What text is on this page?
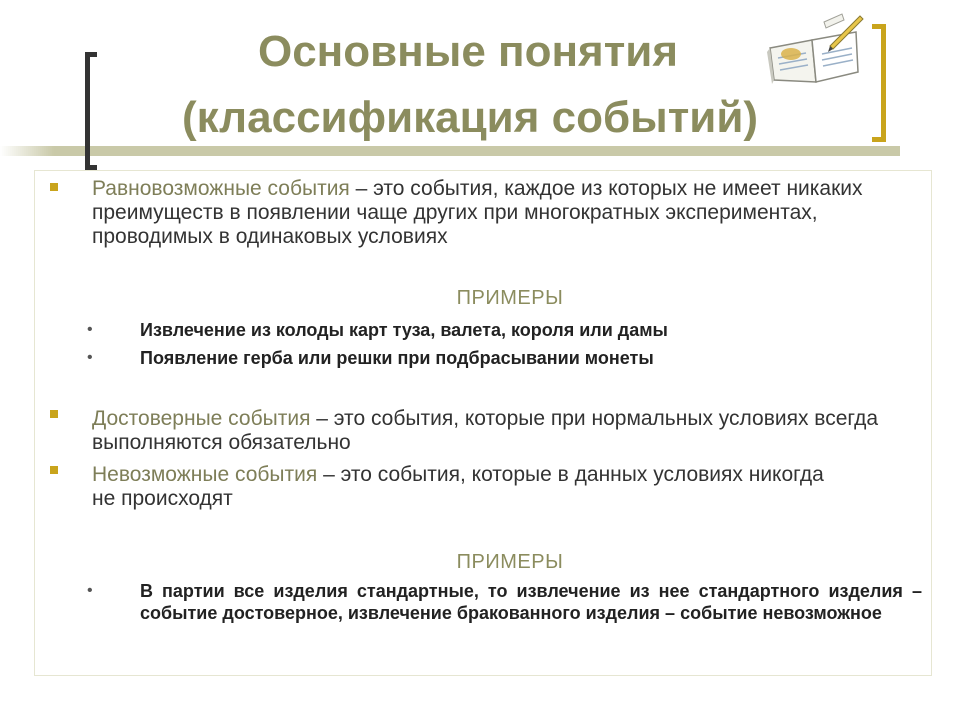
Основные понятия
(классификация событий)
Равновозможные события – это события, каждое из которых не имеет никаких преимуществ в появлении чаще других при многократных экспериментах, проводимых в одинаковых условиях
ПРИМЕРЫ
•	Извлечение из колоды карт туза, валета, короля или дамы
•	Появление герба или решки при подбрасывании монеты
Достоверные события – это события, которые при нормальных условиях всегда выполняются обязательно
Невозможные события – это события, которые в данных условиях никогда не происходят
ПРИМЕРЫ
•	В партии все изделия стандартные, то извлечение из нее стандартного изделия – событие достоверное, извлечение бракованного изделия – событие невозможное
